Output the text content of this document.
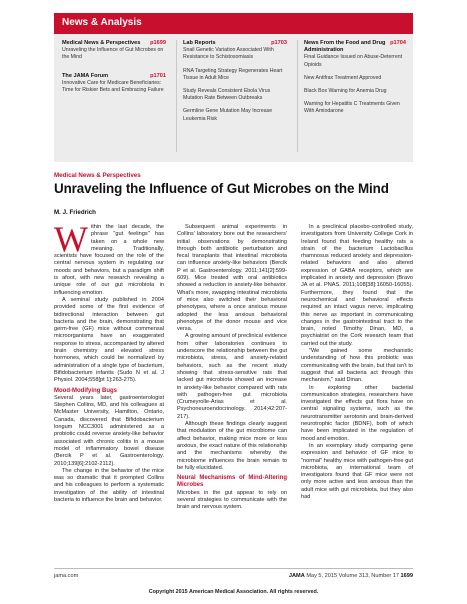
News & Analysis
Medical News & Perspectives p1699
Unraveling the Influence of Gut Microbes on the Mind
The JAMA Forum	p1701
Innovative Care for Medicare Beneficiaries: Time for Riskier Bets and Embracing Failure
Lab Reports	p1703
Snail Genetic Variation Associated With Resistance to Schistosomiasis
RNA Targeting Strategy Regenerates Heart Tissue in Adult Mice
Study Reveals Consistent Ebola Virus Mutation Rate Between Outbreaks
Germline Gene Mutation May Increase Leukemia Risk
News From the Food and Drug Administration
p1704
Final Guidance Issued on Abuse-Deterrent Opioids
New Antifrax Treatment Approved
Black Box Warning for Anemia Drug
Warning for Hepatitis C Treatments Given With Amiodarone
Medical News & Perspectives
Unraveling the Influence of Gut Microbes on the Mind
M. J. Friedrich

Within the last decade, the phrase "gut feelings" has taken on a whole new meaning. Traditionally, scientists have focused on the role of the central nervous system in regulating our moods and behaviors, but a paradigm shift is afoot, with new research revealing a unique role of our gut microbiota in influencing emotion.

A seminal study published in 2004 provided some of the first evidence of bidirectional interaction between gut bacteria and the brain, demonstrating that germ-free (GF) mice without commensal microorganisms have an exaggerated response to stress, accompanied by altered brain chemistry and elevated stress hormones, which could be normalized by administration of a single type of bacterium, Bifidobacterium infantis (Sudo N et al. J Physiol. 2004;558[pt 1]:263-275).

Mood-Modifying Bugs

Several years later, gastroenterologist Stephen Collins, MD, and his colleagues at McMaster University, Hamilton, Ontario, Canada, discovered that Bifidobacterium longum NCC3001 administered as a probiotic could reverse anxiety-like behavior associated with chronic colitis in a mouse model of inflammatory bowel disease (Bercik P et al. Gastroenterology. 2010;139[6]:2102-2112).

The change in the behavior of the mice was so dramatic that it prompted Collins and his colleagues to perform a systematic investigation of the ability of intestinal bacteria to influence the brain and behavior.

Subsequent animal experiments in Collins' laboratory bore out the researchers' initial observations by demonstrating through both antibiotic perturbation and fecal transplants that intestinal microbiota can influence anxiety-like behaviors (Bercik P et al. Gastroenterology. 2011;141[2]:599-609). Mice treated with oral antibiotics showed a reduction in anxiety-like behavior. What's more, swapping intestinal microbiota of mice also switched their behavioral phenotypes, where a once anxious mouse adopted the less anxious behavioral phenotype of the donor mouse and vice versa.

A growing amount of preclinical evidence from other laboratories continues to underscore the relationship between the gut microbiota, stress, and anxiety-related behaviors, such as the recent study showing that stress-sensitive rats that lacked gut microbiota showed an increase in anxiety-like behavior compared with rats with pathogen-free gut microbiota (Crumeyrolle-Arias et al. Psychoneuroendocrinology. 2014;42:207-217).

Although these findings clearly suggest that modulation of the gut microbiome can affect behavior, making mice more or less anxious, the exact nature of this relationship and the mechanisms whereby the microbiome influences the brain remain to be fully elucidated.

Neural Mechanisms of Mind-Altering Microbes

Microbes in the gut appear to rely on several strategies to communicate with the brain and nervous system.

In a preclinical placebo-controlled study, investigators from University College Cork in Ireland found that feeding healthy rats a strain of the bacterium Lactobacillus rhamnosus reduced anxiety and depression-related behaviors and also altered expression of GABA receptors, which are implicated in anxiety and depression (Bravo JA et al. PNAS. 2011;108[38]:16050-16055). Furthermore, they found that the neurochemical and behavioral effects required an intact vagus nerve, implicating this nerve as important in communicating changes in the gastrointestinal tract to the brain, noted Timothy Dinan, MD, a psychiatrist on the Cork research team that carried out the study.

"We gained some mechanistic understanding of how this probiotic was communicating with the brain, but that isn't to suggest that all bacteria act through this mechanism," said Dinan.

In exploring other bacterial communication strategies, researchers have investigated the effects gut flora have on central signaling systems, such as the neurotransmitter serotonin and brain-derived neurotrophic factor (BDNF), both of which have been implicated in the regulation of mood and emotion.

In an exemplary study comparing gene expression and behavior of GF mice to "normal" healthy mice with pathogen-free gut microbiota, an international team of investigators found that GF mice were not only more active and less anxious than the adult mice with gut microbiota, but they also had

jama.com	JAMA May 5, 2015 Volume 313, Number 17 1699
Copyright 2015 American Medical Association. All rights reserved.
